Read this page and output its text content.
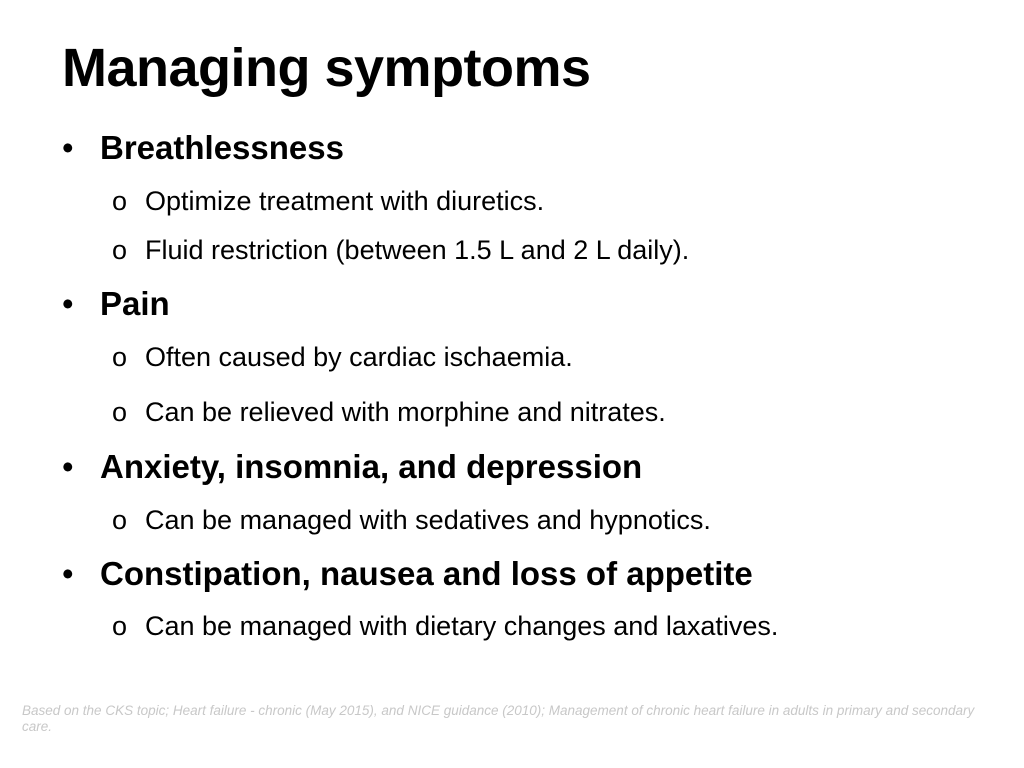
Managing symptoms
• Breathlessness
o Optimize treatment with diuretics.
o Fluid restriction (between 1.5 L and 2 L daily).
• Pain
o Often caused by cardiac ischaemia.
o Can be relieved with morphine and nitrates.
• Anxiety, insomnia, and depression
o Can be managed with sedatives and hypnotics.
• Constipation, nausea and loss of appetite
o Can be managed with dietary changes and laxatives.
Based on the CKS topic; Heart failure - chronic (May 2015), and NICE guidance (2010); Management of chronic heart failure in adults in primary and secondary care.
